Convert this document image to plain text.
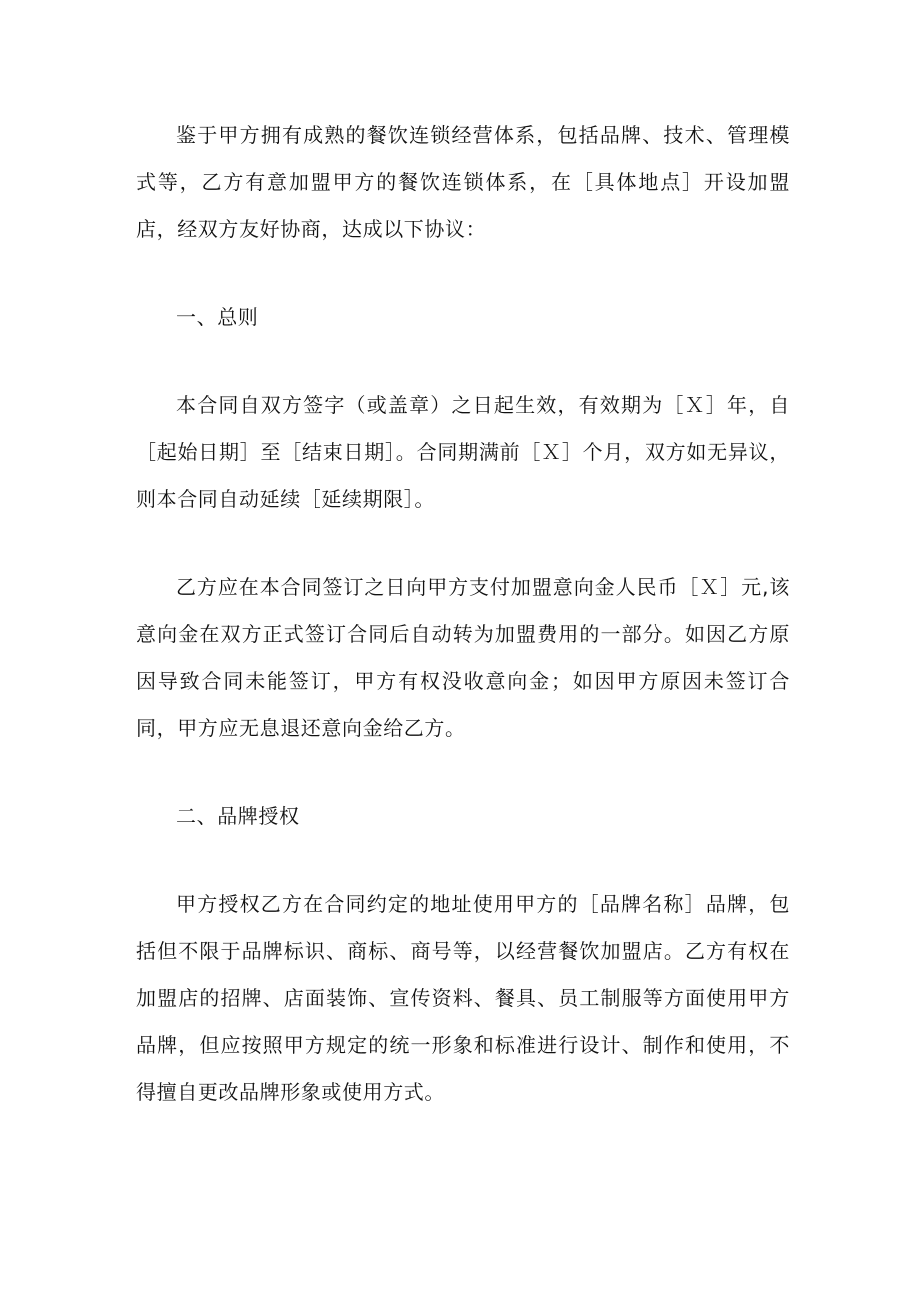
鉴于甲方拥有成熟的餐饮连锁经营体系，包括品牌、技术、管理模式等，乙方有意加盟甲方的餐饮连锁体系，在［具体地点］开设加盟店，经双方友好协商，达成以下协议：

一、总则

本合同自双方签字（或盖章）之日起生效，有效期为［Ｘ］年，自［起始日期］至［结束日期］。合同期满前［Ｘ］个月，双方如无异议，则本合同自动延续［延续期限］。

乙方应在本合同签订之日向甲方支付加盟意向金人民币［Ｘ］元,该意向金在双方正式签订合同后自动转为加盟费用的一部分。如因乙方原因导致合同未能签订，甲方有权没收意向金；如因甲方原因未签订合同，甲方应无息退还意向金给乙方。

二、品牌授权

甲方授权乙方在合同约定的地址使用甲方的［品牌名称］品牌，包括但不限于品牌标识、商标、商号等，以经营餐饮加盟店。乙方有权在加盟店的招牌、店面装饰、宣传资料、餐具、员工制服等方面使用甲方品牌，但应按照甲方规定的统一形象和标准进行设计、制作和使用，不得擅自更改品牌形象或使用方式。
